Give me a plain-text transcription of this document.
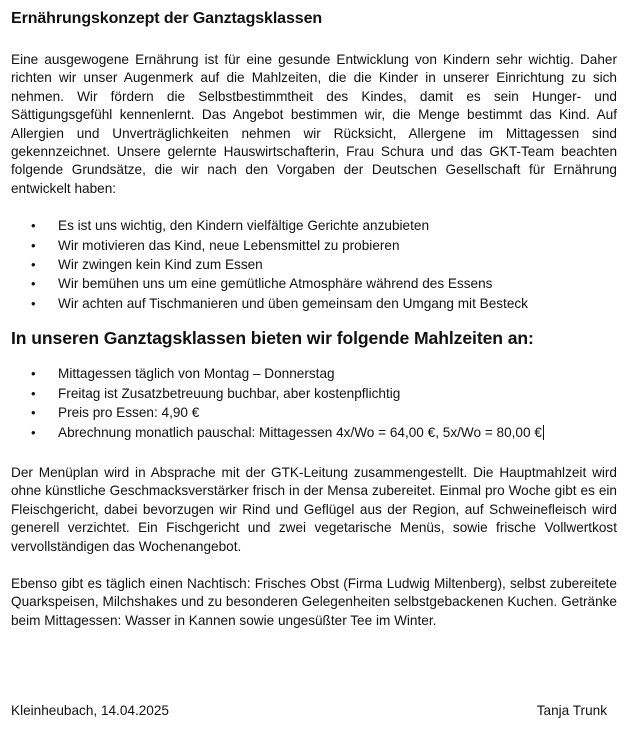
Ernährungskonzept der Ganztagsklassen

Eine ausgewogene Ernährung ist für eine gesunde Entwicklung von Kindern sehr wichtig. Daher richten wir unser Augenmerk auf die Mahlzeiten, die die Kinder in unserer Einrichtung zu sich nehmen. Wir fördern die Selbstbestimmtheit des Kindes, damit es sein Hunger- und Sättigungsgefühl kennenlernt. Das Angebot bestimmen wir, die Menge bestimmt das Kind. Auf Allergien und Unverträglichkeiten nehmen wir Rücksicht, Allergene im Mittagessen sind gekennzeichnet. Unsere gelernte Hauswirtschafterin, Frau Schura und das GKT-Team beachten folgende Grundsätze, die wir nach den Vorgaben der Deutschen Gesellschaft für Ernährung entwickelt haben:

• Es ist uns wichtig, den Kindern vielfältige Gerichte anzubieten
• Wir motivieren das Kind, neue Lebensmittel zu probieren
• Wir zwingen kein Kind zum Essen
• Wir bemühen uns um eine gemütliche Atmosphäre während des Essens
• Wir achten auf Tischmanieren und üben gemeinsam den Umgang mit Besteck
In unseren Ganztagsklassen bieten wir folgende Mahlzeiten an:
• Mittagessen täglich von Montag – Donnerstag
• Freitag ist Zusatzbetreuung buchbar, aber kostenpflichtig
• Preis pro Essen: 4,90 €
• Abrechnung monatlich pauschal: Mittagessen 4x/Wo = 64,00 €, 5x/Wo = 80,00 €

Der Menüplan wird in Absprache mit der GTK-Leitung zusammengestellt. Die Hauptmahlzeit wird ohne künstliche Geschmacksverstärker frisch in der Mensa zubereitet. Einmal pro Woche gibt es ein Fleischgericht, dabei bevorzugen wir Rind und Geflügel aus der Region, auf Schweinefleisch wird generell verzichtet. Ein Fischgericht und zwei vegetarische Menüs, sowie frische Vollwertkost vervollständigen das Wochenangebot.

Ebenso gibt es täglich einen Nachtisch: Frisches Obst (Firma Ludwig Miltenberg), selbst zubereitete Quarkspeisen, Milchshakes und zu besonderen Gelegenheiten selbstgebackenen Kuchen. Getränke beim Mittagessen: Wasser in Kannen sowie ungesüßter Tee im Winter.

Kleinheubach, 14.04.2025	Tanja Trunk
